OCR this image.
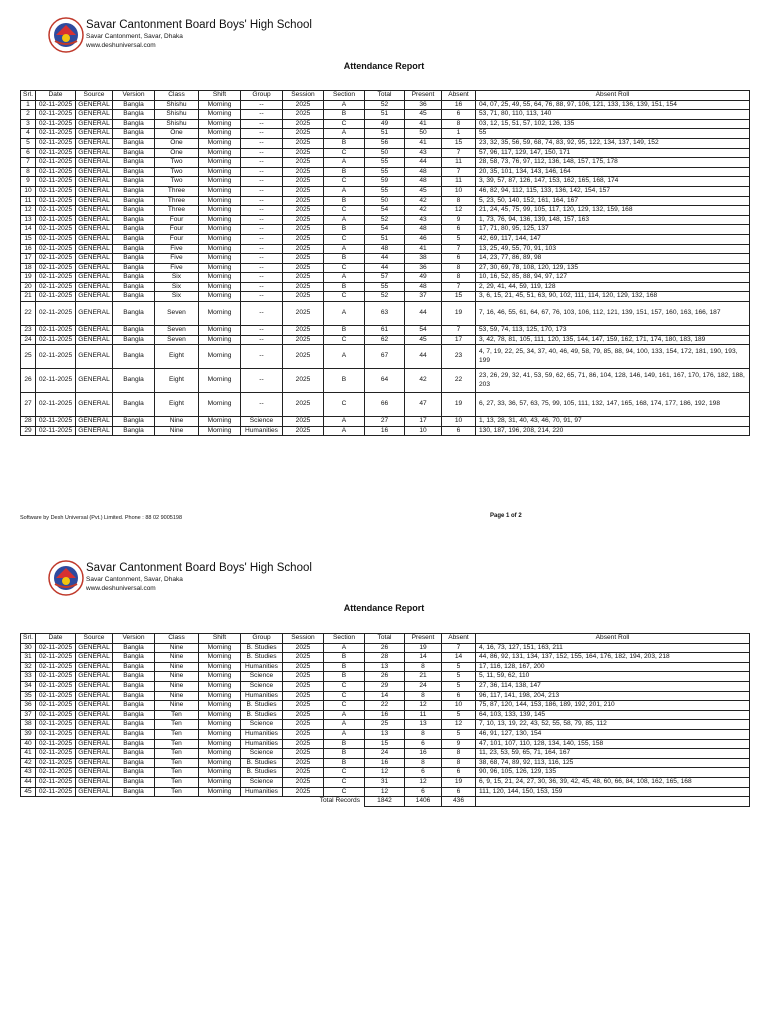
Savar Cantonment Board Boys' High School
Savar Cantonment, Savar, Dhaka
www.deshuniversal.com
Attendance Report
Srl.	Date	Source	Version	Class	Shift	Group	Session	Section	Total	Present	Absent	Absent Roll
1	02-11-2025	GENERAL	Bangla	Shishu	Morning	--	2025	A	52	36	16	04, 07, 25, 49, 55, 64, 76, 88, 97, 106, 121, 133, 136, 139, 151, 154
2	02-11-2025	GENERAL	Bangla	Shishu	Morning	--	2025	B	51	45	6	53, 71, 80, 110, 113, 140
3	02-11-2025	GENERAL	Bangla	Shishu	Morning	--	2025	C	49	41	8	03, 12, 15, 51, 57, 102, 126, 135
4	02-11-2025	GENERAL	Bangla	One	Morning	--	2025	A	51	50	1	55
5	02-11-2025	GENERAL	Bangla	One	Morning	--	2025	B	56	41	15	23, 32, 35, 56, 59, 68, 74, 83, 92, 95, 122, 134, 137, 149, 152
6	02-11-2025	GENERAL	Bangla	One	Morning	--	2025	C	50	43	7	57, 96, 117, 129, 147, 150, 171
7	02-11-2025	GENERAL	Bangla	Two	Morning	--	2025	A	55	44	11	28, 58, 73, 76, 97, 112, 136, 148, 157, 175, 178
8	02-11-2025	GENERAL	Bangla	Two	Morning	--	2025	B	55	48	7	20, 35, 101, 134, 143, 146, 164
9	02-11-2025	GENERAL	Bangla	Two	Morning	--	2025	C	59	48	11	3, 39, 57, 87, 126, 147, 153, 162, 165, 168, 174
10	02-11-2025	GENERAL	Bangla	Three	Morning	--	2025	A	55	45	10	46, 82, 94, 112, 115, 133, 136, 142, 154, 157
11	02-11-2025	GENERAL	Bangla	Three	Morning	--	2025	B	50	42	8	5, 23, 50, 140, 152, 161, 164, 167
12	02-11-2025	GENERAL	Bangla	Three	Morning	--	2025	C	54	42	12	21, 24, 45, 75, 99, 105, 117, 120, 129, 132, 159, 168
13	02-11-2025	GENERAL	Bangla	Four	Morning	--	2025	A	52	43	9	1, 73, 76, 94, 136, 139, 148, 157, 163
14	02-11-2025	GENERAL	Bangla	Four	Morning	--	2025	B	54	48	6	17, 71, 80, 95, 125, 137
15	02-11-2025	GENERAL	Bangla	Four	Morning	--	2025	C	51	46	5	42, 69, 117, 144, 147
16	02-11-2025	GENERAL	Bangla	Five	Morning	--	2025	A	48	41	7	13, 25, 49, 55, 70, 91, 103
17	02-11-2025	GENERAL	Bangla	Five	Morning	--	2025	B	44	38	6	14, 23, 77, 86, 89, 98
18	02-11-2025	GENERAL	Bangla	Five	Morning	--	2025	C	44	36	8	27, 30, 69, 78, 108, 120, 129, 135
19	02-11-2025	GENERAL	Bangla	Six	Morning	--	2025	A	57	49	8	10, 16, 52, 85, 88, 94, 97, 127
20	02-11-2025	GENERAL	Bangla	Six	Morning	--	2025	B	55	48	7	2, 29, 41, 44, 59, 119, 128
21	02-11-2025	GENERAL	Bangla	Six	Morning	--	2025	C	52	37	15	3, 6, 15, 21, 45, 51, 63, 90, 102, 111, 114, 120, 129, 132, 168
22	02-11-2025	GENERAL	Bangla	Seven	Morning	--	2025	A	63	44	19	7, 16, 46, 55, 61, 64, 67, 76, 103, 106, 112, 121, 139, 151, 157, 160, 163, 166, 187
23	02-11-2025	GENERAL	Bangla	Seven	Morning	--	2025	B	61	54	7	53, 59, 74, 113, 125, 170, 173
24	02-11-2025	GENERAL	Bangla	Seven	Morning	--	2025	C	62	45	17	3, 42, 78, 81, 105, 111, 120, 135, 144, 147, 159, 162, 171, 174, 180, 183, 189
25	02-11-2025	GENERAL	Bangla	Eight	Morning	--	2025	A	67	44	23	4, 7, 19, 22, 25, 34, 37, 40, 46, 49, 58, 79, 85, 88, 94, 100, 133, 154, 172, 181, 190, 193, 199
26	02-11-2025	GENERAL	Bangla	Eight	Morning	--	2025	B	64	42	22	23, 26, 29, 32, 41, 53, 59, 62, 65, 71, 86, 104, 128, 146, 149, 161, 167, 170, 176, 182, 188, 203
27	02-11-2025	GENERAL	Bangla	Eight	Morning	--	2025	C	66	47	19	6, 27, 33, 36, 57, 63, 75, 99, 105, 111, 132, 147, 165, 168, 174, 177, 186, 192, 198
28	02-11-2025	GENERAL	Bangla	Nine	Morning	Science	2025	A	27	17	10	1, 13, 28, 31, 40, 43, 46, 70, 91, 97
29	02-11-2025	GENERAL	Bangla	Nine	Morning	Humanities	2025	A	16	10	6	130, 187, 196, 208, 214, 220
Software by Desh Universal (Pvt.) Limited. Phone : 88 02 9005198	Page 1 of 2
Savar Cantonment Board Boys' High School
Savar Cantonment, Savar, Dhaka
www.deshuniversal.com
Attendance Report
Srl.	Date	Source	Version	Class	Shift	Group	Session	Section	Total	Present	Absent	Absent Roll
30	02-11-2025	GENERAL	Bangla	Nine	Morning	B. Studies	2025	A	26	19	7	4, 16, 73, 127, 151, 163, 211
31	02-11-2025	GENERAL	Bangla	Nine	Morning	B. Studies	2025	B	28	14	14	44, 86, 92, 131, 134, 137, 152, 155, 164, 176, 182, 194, 203, 218
32	02-11-2025	GENERAL	Bangla	Nine	Morning	Humanities	2025	B	13	8	5	17, 116, 128, 167, 200
33	02-11-2025	GENERAL	Bangla	Nine	Morning	Science	2025	B	26	21	5	5, 11, 59, 62, 110
34	02-11-2025	GENERAL	Bangla	Nine	Morning	Science	2025	C	29	24	5	27, 36, 114, 138, 147
35	02-11-2025	GENERAL	Bangla	Nine	Morning	Humanities	2025	C	14	8	6	96, 117, 141, 198, 204, 213
36	02-11-2025	GENERAL	Bangla	Nine	Morning	B. Studies	2025	C	22	12	10	75, 87, 120, 144, 153, 186, 189, 192, 201, 210
37	02-11-2025	GENERAL	Bangla	Ten	Morning	B. Studies	2025	A	16	11	5	64, 103, 133, 139, 145
38	02-11-2025	GENERAL	Bangla	Ten	Morning	Science	2025	A	25	13	12	7, 10, 13, 19, 22, 43, 52, 55, 58, 79, 85, 112
39	02-11-2025	GENERAL	Bangla	Ten	Morning	Humanities	2025	A	13	8	5	46, 91, 127, 130, 154
40	02-11-2025	GENERAL	Bangla	Ten	Morning	Humanities	2025	B	15	6	9	47, 101, 107, 110, 128, 134, 140, 155, 158
41	02-11-2025	GENERAL	Bangla	Ten	Morning	Science	2025	B	24	16	8	11, 23, 53, 59, 65, 71, 164, 167
42	02-11-2025	GENERAL	Bangla	Ten	Morning	B. Studies	2025	B	16	8	8	38, 68, 74, 89, 92, 113, 116, 125
43	02-11-2025	GENERAL	Bangla	Ten	Morning	B. Studies	2025	C	12	6	6	90, 96, 105, 126, 129, 135
44	02-11-2025	GENERAL	Bangla	Ten	Morning	Science	2025	C	31	12	19	6, 9, 15, 21, 24, 27, 30, 36, 39, 42, 45, 48, 60, 66, 84, 108, 162, 165, 168
45	02-11-2025	GENERAL	Bangla	Ten	Morning	Humanities	2025	C	12	6	6	111, 120, 144, 150, 153, 159
Total Records									1842	1406	436	
